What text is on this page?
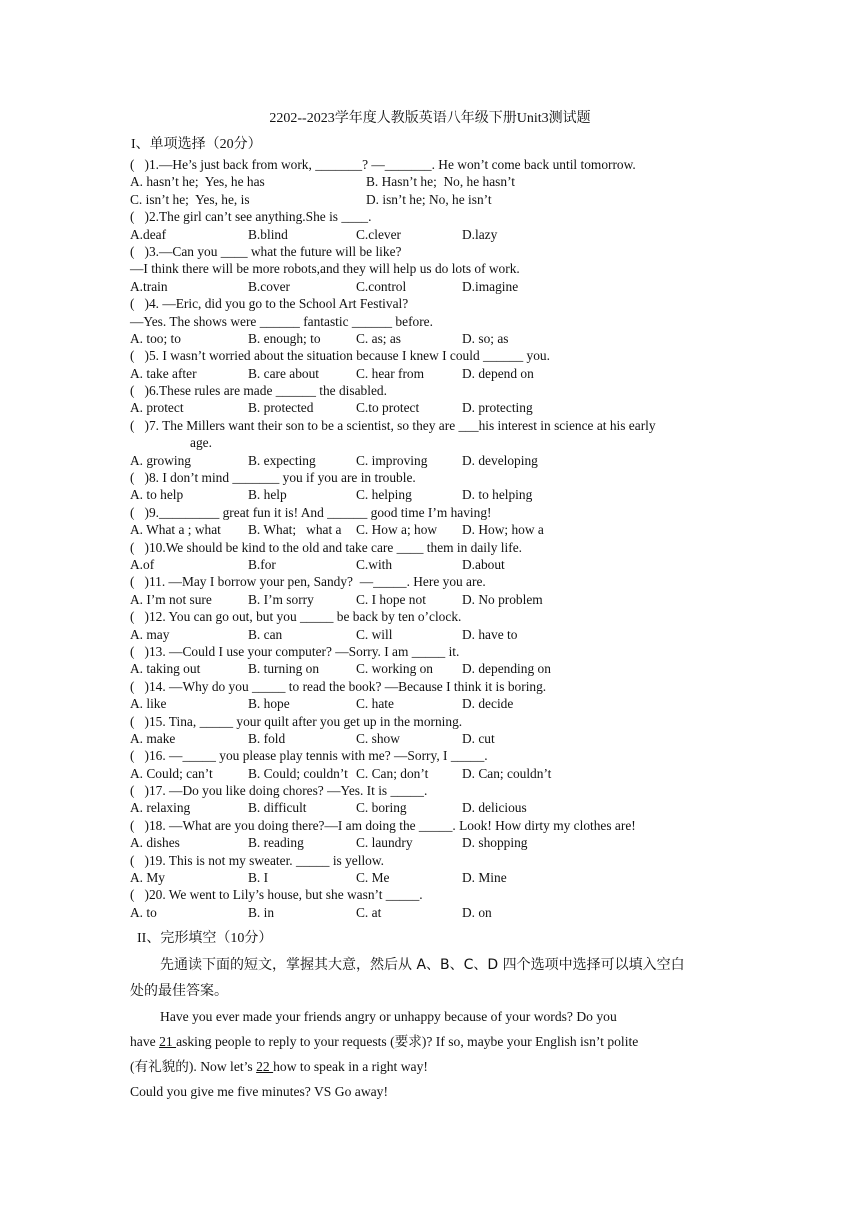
2202--2023学年度人教版英语八年级下册Unit3测试题
I、单项选择（20分）
(   )1.—He’s just back from work, _______? —_______. He won’t come back until tomorrow.
A. hasn’t he;  Yes, he has	B. Hasn’t he;  No, he hasn’t
C. isn’t he;  Yes, he, is	D. isn’t he; No, he isn’t
(   )2.The girl can’t see anything.She is ____.
A.deaf	B.blind	C.clever	D.lazy
(   )3.—Can you ____ what the future will be like?
—I think there will be more robots,and they will help us do lots of work.
A.train	B.cover	C.control	D.imagine
(   )4. —Eric, did you go to the School Art Festival?
—Yes. The shows were ______ fantastic ______ before.
A. too; to	B. enough; to	C. as; as	D. so; as
(   )5. I wasn’t worried about the situation because I knew I could ______ you.
A. take after	B. care about	C. hear from	D. depend on
(   )6.These rules are made ______ the disabled.
A. protect	B. protected	C.to protect	D. protecting
(   )7. The Millers want their son to be a scientist, so they are ___his interest in science at his early
age.
A. growing	B. expecting	C. improving	D. developing
(   )8. I don’t mind _______ you if you are in trouble.
A. to help	B. help	C. helping	D. to helping
(   )9._________ great fun it is! And ______ good time I’m having!
A. What a ; what	B. What;   what a	C. How a; how	D. How; how a
(   )10.We should be kind to the old and take care ____ them in daily life.
A.of	B.for	C.with	D.about
(   )11. —May I borrow your pen, Sandy?  —_____. Here you are.
A. I’m not sure	B. I’m sorry	C. I hope not	D. No problem
(   )12. You can go out, but you _____ be back by ten o’clock.
A. may	B. can	C. will	D. have to
(   )13. —Could I use your computer? —Sorry. I am _____ it.
A. taking out	B. turning on	C. working on	D. depending on
(   )14. —Why do you _____ to read the book? —Because I think it is boring.
A. like	B. hope	C. hate	D. decide
(   )15. Tina, _____ your quilt after you get up in the morning.
A. make	B. fold	C. show	D. cut
(   )16. —_____ you please play tennis with me? —Sorry, I _____.
A. Could; can’t	B. Could; couldn’t C. Can; don’t	D. Can; couldn’t
(   )17. —Do you like doing chores? —Yes. It is _____.
A. relaxing	B. difficult	C. boring	D. delicious
(   )18. —What are you doing there?—I am doing the _____. Look! How dirty my clothes are!
A. dishes	B. reading	C. laundry	D. shopping
(   )19. This is not my sweater. _____ is yellow.
A. My	B. I	C. Me	D. Mine
(   )20. We went to Lily’s house, but she wasn’t _____.
A. to	B. in	C. at	D. on
II、完形填空（10分）
先通读下面的短文，掌握其大意，然后从 A、B、C、D 四个选项中选择可以填入空白
处的最佳答案。
Have you ever made your friends angry or unhappy because of your words? Do you
have 21 asking people to reply to your requests (要求)? If so, maybe your English isn’t polite
(有礼貌的). Now let’s 22 how to speak in a right way!
Could you give me five minutes? VS Go away!
